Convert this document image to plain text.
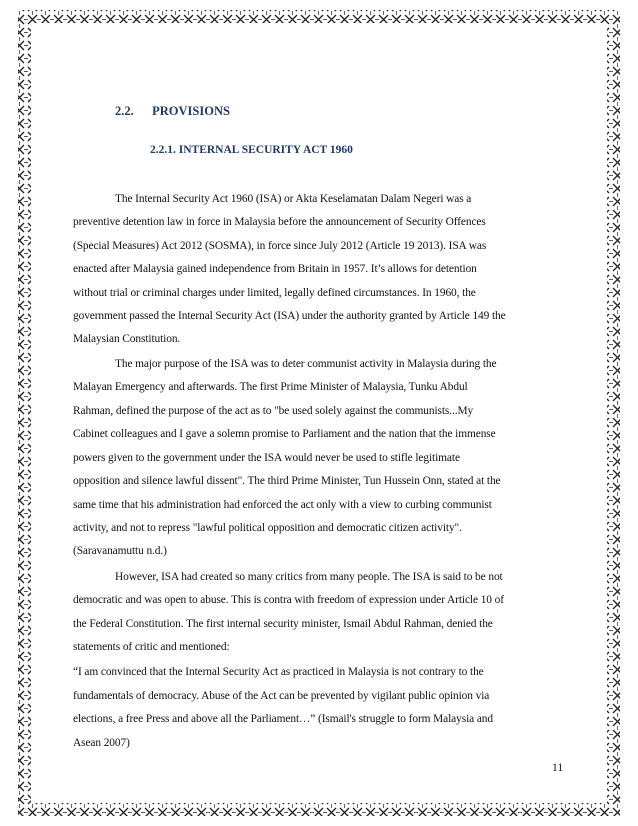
2.2. PROVISIONS
2.2.1. INTERNAL SECURITY ACT 1960
The Internal Security Act 1960 (ISA) or Akta Keselamatan Dalam Negeri was a
preventive detention law in force in Malaysia before the announcement of Security Offences
(Special Measures) Act 2012 (SOSMA), in force since July 2012 (Article 19 2013). ISA was
enacted after Malaysia gained independence from Britain in 1957. It’s allows for detention
without trial or criminal charges under limited, legally defined circumstances. In 1960, the
government passed the Internal Security Act (ISA) under the authority granted by Article 149 the
Malaysian Constitution.
The major purpose of the ISA was to deter communist activity in Malaysia during the
Malayan Emergency and afterwards. The first Prime Minister of Malaysia, Tunku Abdul
Rahman, defined the purpose of the act as to "be used solely against the communists...My
Cabinet colleagues and I gave a solemn promise to Parliament and the nation that the immense
powers given to the government under the ISA would never be used to stifle legitimate
opposition and silence lawful dissent". The third Prime Minister, Tun Hussein Onn, stated at the
same time that his administration had enforced the act only with a view to curbing communist
activity, and not to repress "lawful political opposition and democratic citizen activity".
(Saravanamuttu n.d.)
However, ISA had created so many critics from many people. The ISA is said to be not
democratic and was open to abuse. This is contra with freedom of expression under Article 10 of
the Federal Constitution. The first internal security minister, Ismail Abdul Rahman, denied the
statements of critic and mentioned:
“I am convinced that the Internal Security Act as practiced in Malaysia is not contrary to the
fundamentals of democracy. Abuse of the Act can be prevented by vigilant public opinion via
elections, a free Press and above all the Parliament…” (Ismail's struggle to form Malaysia and
Asean 2007)
11
